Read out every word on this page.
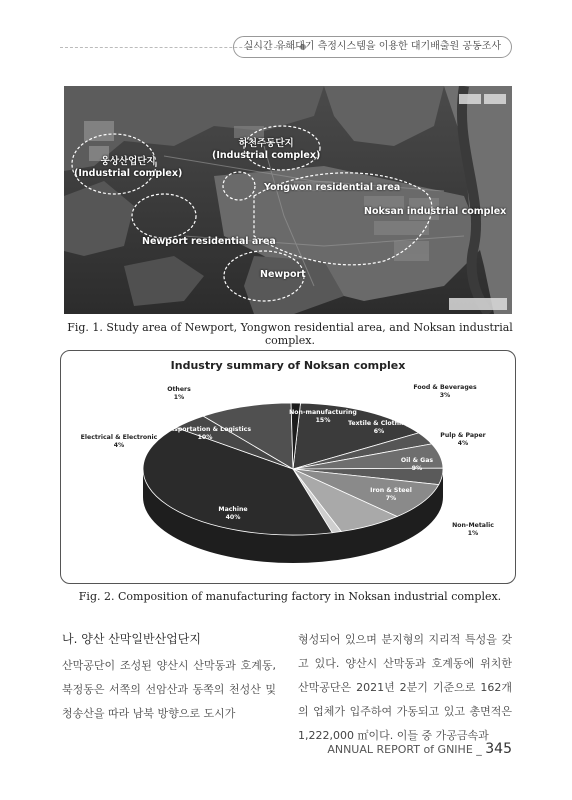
실시간 유해대기 측정시스템을 이용한 대기배출원 공동조사
웅상산업단지
(Industrial complex)
하천주동단지
(Industrial complex)
Yongwon residential area
Noksan industrial complex
Newport residential area
Newport
Fig. 1. Study area of Newport, Yongwon residential area, and Noksan industrial complex.
Industry summary of Noksan complex
Non-manufacturing
15%
Food & Beverages
3%
Textile & Clothing
6%
Pulp & Paper
4%
Oil & Gas
9%
Iron & Steel
7%
Non-Metalic
1%
Machine
40%
Electrical & Electronic
4%
Transportation & Logistics
10%
Others
1%
Fig. 2. Composition of manufacturing factory in Noksan industrial complex.
나. 양산 산막일반산업단지
산막공단이 조성된 양산시 산막동과 호계동, 북정동은 서쪽의 선암산과 동쪽의 천성산 및 청송산을 따라 남북 방향으로 도시가
형성되어 있으며 분지형의 지리적 특성을 갖고 있다. 양산시 산막동과 호계동에 위치한 산막공단은 2021년 2분기 기준으로 162개의 업체가 입주하여 가동되고 있고 총면적은 1,222,000 ㎡이다. 이들 중 가공금속과
ANNUAL REPORT of GNIHE _ 345
